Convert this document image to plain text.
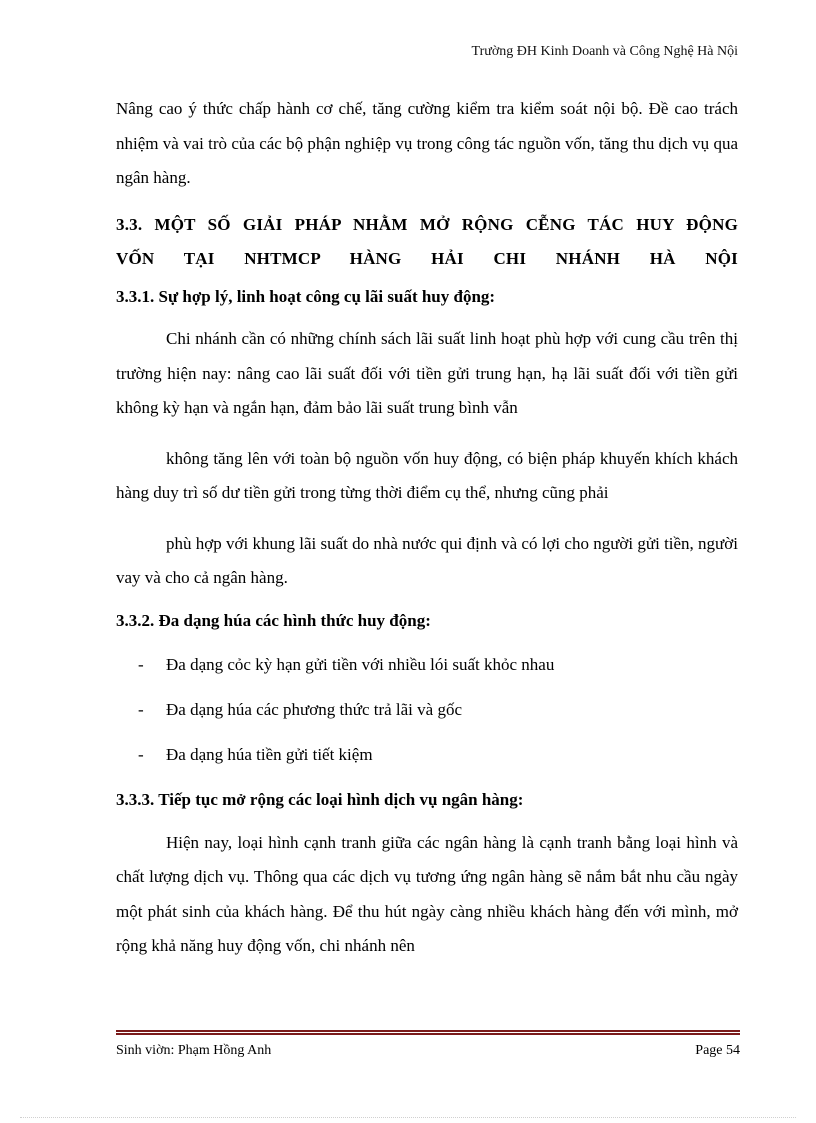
Trường ĐH Kinh Doanh và Công Nghệ Hà Nội

Nâng cao ý thức chấp hành cơ chế, tăng cường kiểm tra kiểm soát nội bộ. Đề cao trách nhiệm và vai trò của các bộ phận nghiệp vụ trong công tác nguồn vốn, tăng thu dịch vụ qua ngân hàng.

3.3. MỘT SỐ GIẢI PHÁP NHẰM MỞ RỘNG CỄNG TÁC HUY ĐỘNG

VỐN TẠI NHTMCP HÀNG HẢI CHI NHÁNH HÀ NỘI

3.3.1. Sự hợp lý, linh hoạt công cụ lãi suất huy động:

Chi nhánh cần có những chính sách lãi suất linh hoạt phù hợp với cung cầu trên thị trường hiện nay: nâng cao lãi suất đối với tiền gửi trung hạn, hạ lãi suất đối với tiền gửi không kỳ hạn và ngắn hạn, đảm bảo lãi suất trung bình vẫn

không tăng lên với toàn bộ nguồn vốn huy động, có biện pháp khuyến khích khách hàng duy trì số dư tiền gửi trong từng thời điểm cụ thể, nhưng cũng phải

phù hợp với khung lãi suất do nhà nước qui định và có lợi cho người gửi tiền, người vay và cho cả ngân hàng.

3.3.2. Đa dạng húa các hình thức huy động:

- Đa dạng cỏc kỳ hạn gửi tiền với nhiều lói suất khỏc nhau
- Đa dạng húa các phương thức trả lãi và gốc
- Đa dạng húa tiền gửi tiết kiệm

3.3.3. Tiếp tục mở rộng các loại hình dịch vụ ngân hàng:

Hiện nay, loại hình cạnh tranh giữa các ngân hàng là cạnh tranh bằng loại hình và chất lượng dịch vụ. Thông qua các dịch vụ tương ứng ngân hàng sẽ nắm bắt nhu cầu ngày một phát sinh của khách hàng. Để thu hút ngày càng nhiều khách hàng đến với mình, mở rộng khả năng huy động vốn, chi nhánh nên

Sinh viờn: Phạm Hồng Anh	Page 54
